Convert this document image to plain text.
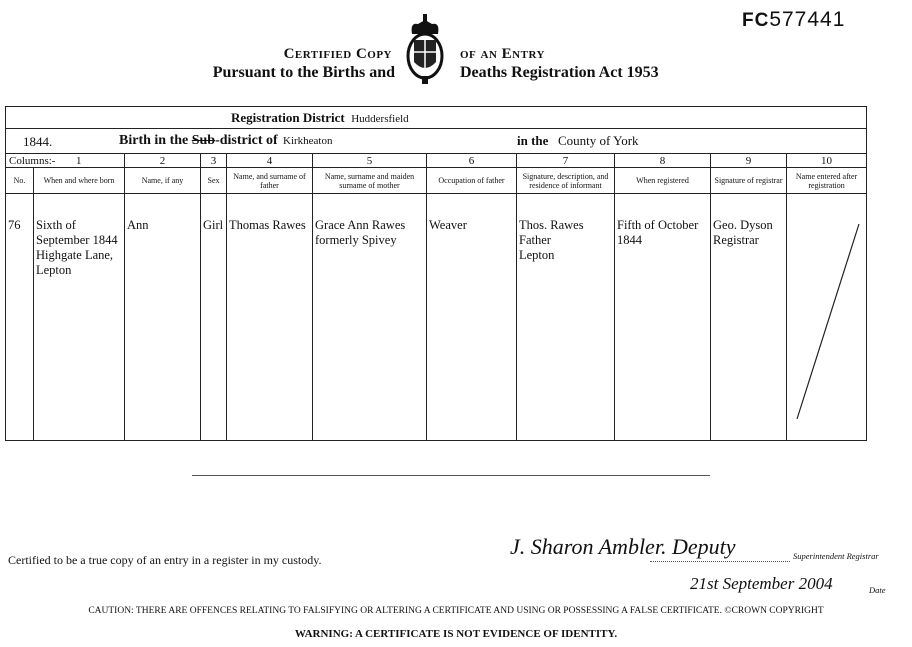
FC577441
Certified Copy
Pursuant to the Births and
of an Entry
Deaths Registration Act 1953
Registration District Huddersfield										

1844. Birth in the Sub-district of Kirkheaton in the County of York										

Columns:- 1		2	3	4	5	6	7	8	9	10
No.	When and where born	Name, if any	Sex	Name, and surname of father	Name, surname and maiden surname of mother	Occupation of father	Signature, description, and residence of informant	When registered	Signature of registrar	Name entered after registration
76	Sixth of
September 1844
Highgate Lane,
Lepton	Ann	Girl	Thomas Rawes	Grace Ann Rawes
formerly Spivey	Weaver	Thos. Rawes
Father
Lepton	Fifth of October
1844	Geo. Dyson
Registrar	
Certified to be a true copy of an entry in a register in my custody.
J. Sharon Ambler. Deputy	Superintendent Registrar
21st September 2004	Date
CAUTION: THERE ARE OFFENCES RELATING TO FALSIFYING OR ALTERING A CERTIFICATE AND USING OR POSSESSING A FALSE CERTIFICATE. ©CROWN COPYRIGHT
WARNING: A CERTIFICATE IS NOT EVIDENCE OF IDENTITY.
